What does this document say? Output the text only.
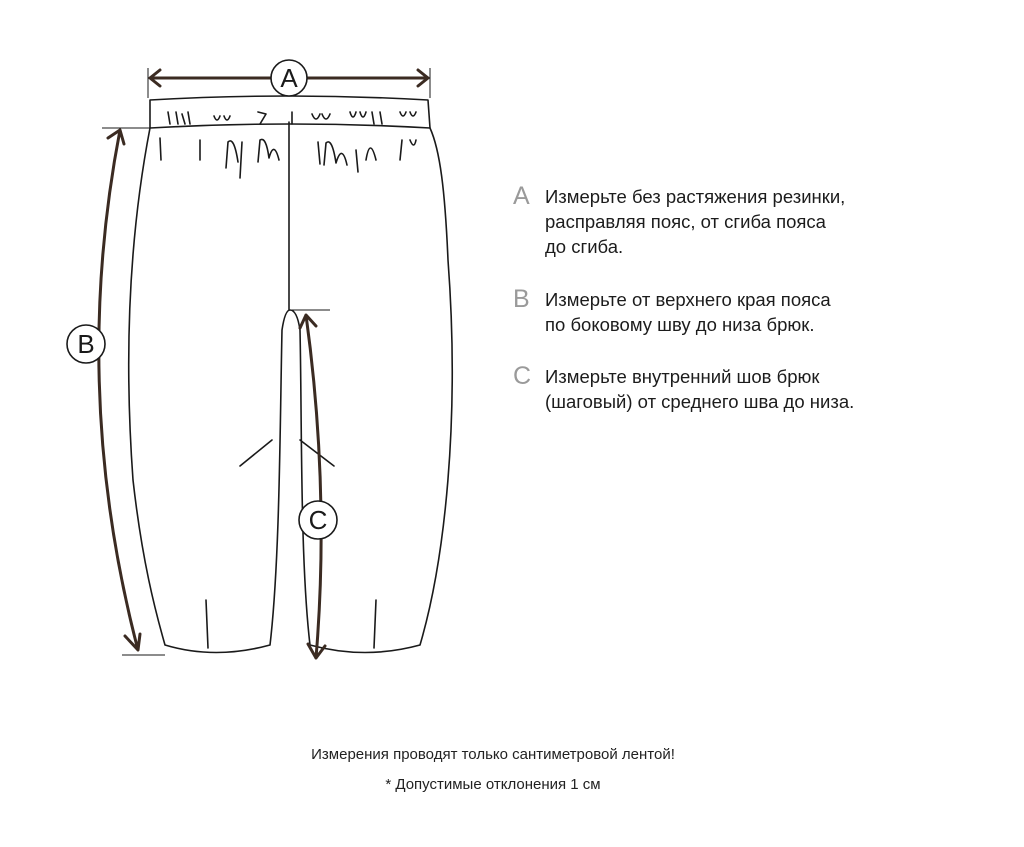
A
B
C
A Измерьте без растяжения резинки,
расправляя пояс, от сгиба пояса
до сгиба.
B Измерьте от верхнего края пояса
по боковому шву до низа брюк.
C Измерьте внутренний шов брюк
(шаговый) от среднего шва до низа.
Измерения проводят только сантиметровой лентой!
* Допустимые отклонения 1 см
